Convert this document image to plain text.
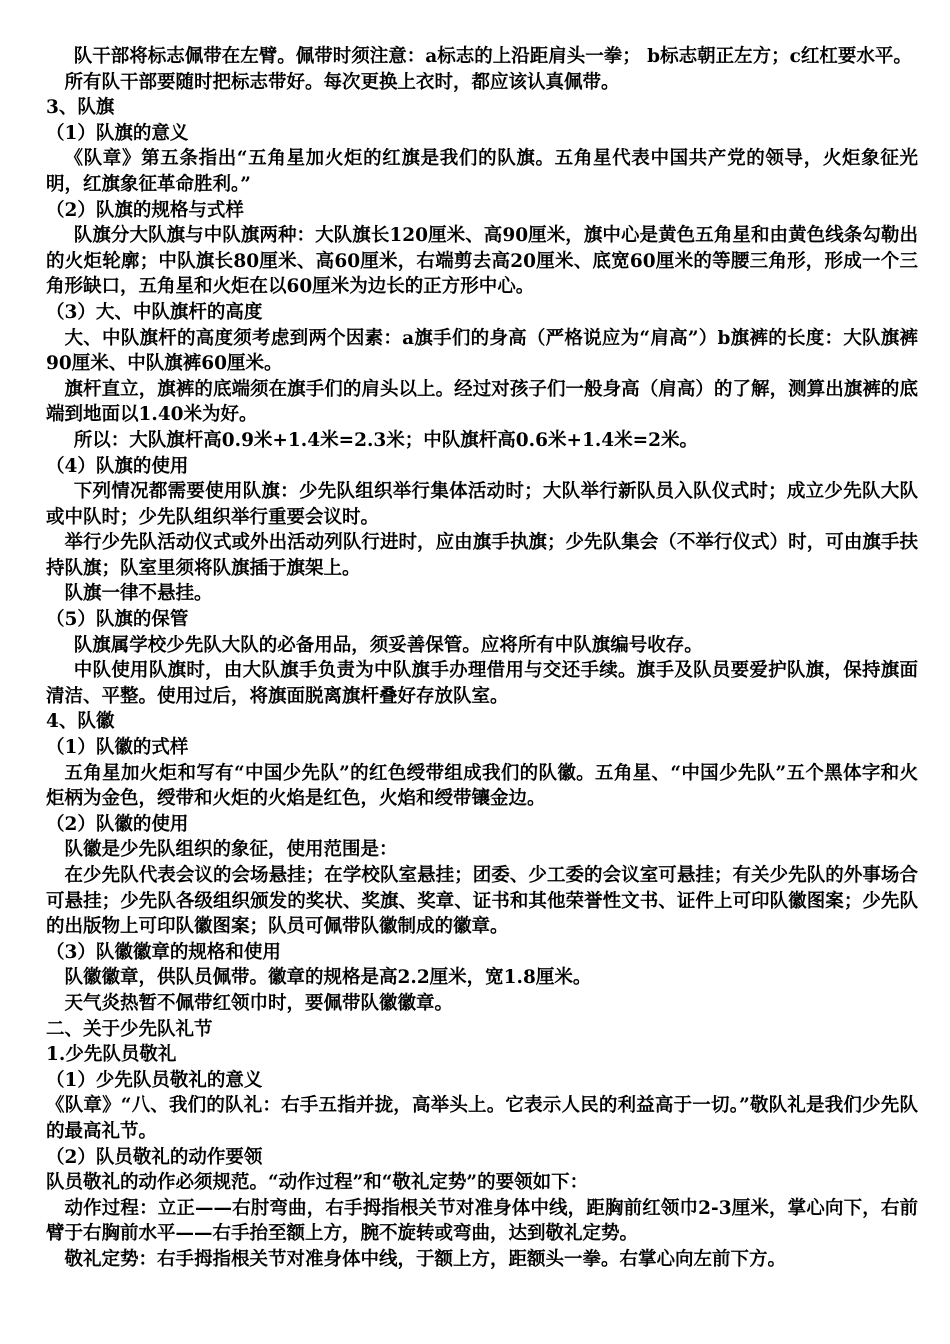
队干部将标志佩带在左臂。佩带时须注意：a标志的上沿距肩头一拳； b标志朝正左方；c红杠要水平。

所有队干部要随时把标志带好。每次更换上衣时，都应该认真佩带。

3、队旗

（1）队旗的意义

《队章》第五条指出“五角星加火炬的红旗是我们的队旗。五角星代表中国共产党的领导，火炬象征光明，红旗象征革命胜利。”

（2）队旗的规格与式样

队旗分大队旗与中队旗两种：大队旗长120厘米、高90厘米，旗中心是黄色五角星和由黄色线条勾勒出的火炬轮廓；中队旗长80厘米、高60厘米，右端剪去高20厘米、底宽60厘米的等腰三角形，形成一个三角形缺口，五角星和火炬在以60厘米为边长的正方形中心。

（3）大、中队旗杆的高度

大、中队旗杆的高度须考虑到两个因素：a旗手们的身高（严格说应为“肩高”）b旗裤的长度：大队旗裤90厘米、中队旗裤60厘米。

旗杆直立，旗裤的底端须在旗手们的肩头以上。经过对孩子们一般身高（肩高）的了解，测算出旗裤的底端到地面以1.40米为好。

所以：大队旗杆高0.9米+1.4米=2.3米；中队旗杆高0.6米+1.4米=2米。

（4）队旗的使用

下列情况都需要使用队旗：少先队组织举行集体活动时；大队举行新队员入队仪式时；成立少先队大队或中队时；少先队组织举行重要会议时。

举行少先队活动仪式或外出活动列队行进时，应由旗手执旗；少先队集会（不举行仪式）时，可由旗手扶持队旗；队室里须将队旗插于旗架上。

队旗一律不悬挂。

（5）队旗的保管

队旗属学校少先队大队的必备用品，须妥善保管。应将所有中队旗编号收存。

中队使用队旗时，由大队旗手负责为中队旗手办理借用与交还手续。旗手及队员要爱护队旗，保持旗面清洁、平整。使用过后，将旗面脱离旗杆叠好存放队室。

4、队徽

（1）队徽的式样

五角星加火炬和写有“中国少先队”的红色绶带组成我们的队徽。五角星、“中国少先队”五个黑体字和火炬柄为金色，绶带和火炬的火焰是红色，火焰和绶带镶金边。

（2）队徽的使用

队徽是少先队组织的象征，使用范围是：

在少先队代表会议的会场悬挂；在学校队室悬挂；团委、少工委的会议室可悬挂；有关少先队的外事场合可悬挂；少先队各级组织颁发的奖状、奖旗、奖章、证书和其他荣誉性文书、证件上可印队徽图案；少先队的出版物上可印队徽图案；队员可佩带队徽制成的徽章。

（3）队徽徽章的规格和使用

队徽徽章，供队员佩带。徽章的规格是高2.2厘米，宽1.8厘米。

天气炎热暂不佩带红领巾时，要佩带队徽徽章。

二、关于少先队礼节

1.少先队员敬礼

（1）少先队员敬礼的意义

《队章》“八、我们的队礼：右手五指并拢，高举头上。它表示人民的利益高于一切。”敬队礼是我们少先队的最高礼节。

（2）队员敬礼的动作要领

队员敬礼的动作必须规范。“动作过程”和“敬礼定势”的要领如下：

动作过程：立正——右肘弯曲，右手拇指根关节对准身体中线，距胸前红领巾2-3厘米，掌心向下，右前臂于右胸前水平——右手抬至额上方，腕不旋转或弯曲，达到敬礼定势。

敬礼定势：右手拇指根关节对准身体中线，于额上方，距额头一拳。右掌心向左前下方。
